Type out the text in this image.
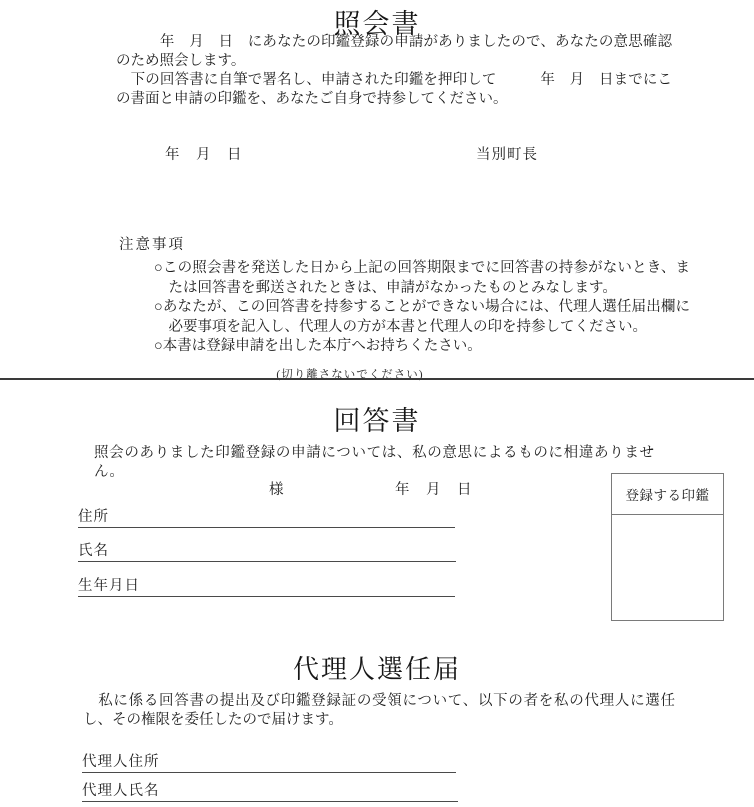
照会書

　　　年　月　日　にあなたの印鑑登録の申請がありましたので、あなたの意思確認のため照会します。

　下の回答書に自筆で署名し、申請された印鑑を押印して　　　年　月　日までにこの書面と申請の印鑑を、あなたご自身で持参してください。

年　月　日	当別町長
注意事項
○この照会書を発送した日から上記の回答期限までに回答書の持参がないとき、または回答書を郵送されたときは、申請がなかったものとみなします。
○あなたが、この回答書を持参することができない場合には、代理人選任届出欄に必要事項を記入し、代理人の方が本書と代理人の印を持参してください。
○本書は登録申請を出した本庁へお持ちくたさい。
(切り離さないでください)
回答書

照会のありました印鑑登録の申請については、私の意思によるものに相違ありません。

様	年　月　日	登録する印鑑
住所
氏名
生年月日
代理人選任届

　私に係る回答書の提出及び印鑑登録証の受領について、以下の者を私の代理人に選任し、その権限を委任したので届けます。

代理人住所
代理人氏名
